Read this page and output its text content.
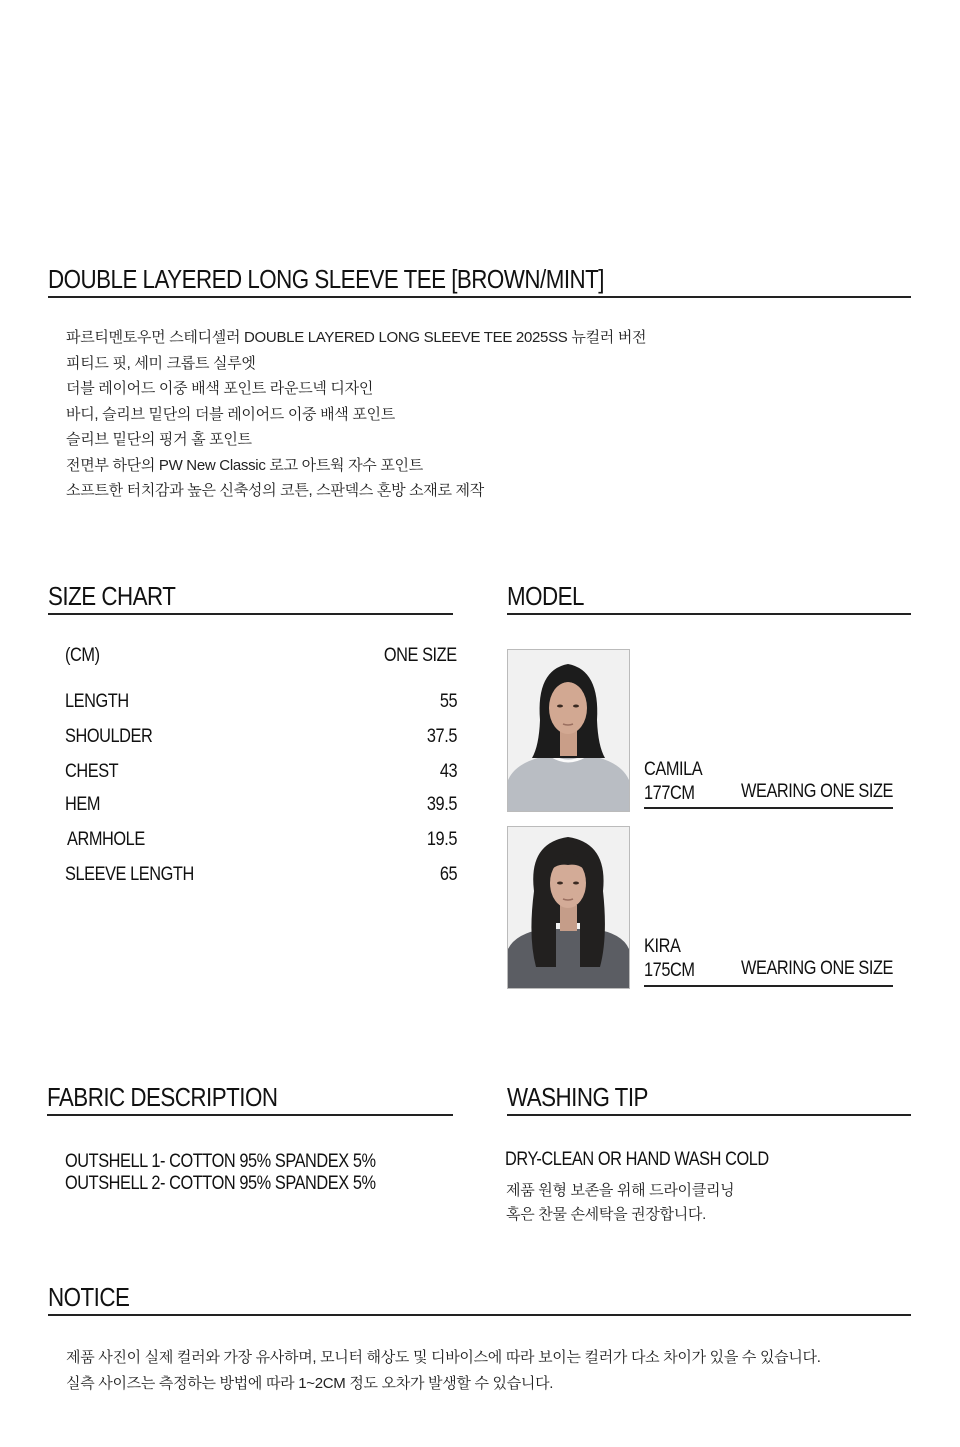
DOUBLE LAYERED LONG SLEEVE TEE [BROWN/MINT]
파르티멘토우먼 스테디셀러 DOUBLE LAYERED LONG SLEEVE TEE 2025SS 뉴컬러 버전
피티드 핏, 세미 크롭트 실루엣
더블 레이어드 이중 배색 포인트 라운드넥 디자인
바디, 슬리브 밑단의 더블 레이어드 이중 배색 포인트
슬리브 밑단의 핑거 홀 포인트
전면부 하단의 PW New Classic 로고 아트웍 자수 포인트
소프트한 터치감과 높은 신축성의 코튼, 스판덱스 혼방 소재로 제작
SIZE CHART
(CM)	ONE SIZE
LENGTH	55
SHOULDER	37.5
CHEST	43
HEM	39.5
ARMHOLE	19.5
SLEEVE LENGTH	65
MODEL
CAMILA
177CM WEARING ONE SIZE
KIRA
175CM WEARING ONE SIZE
FABRIC DESCRIPTION
OUTSHELL 1- COTTON 95% SPANDEX 5%
OUTSHELL 2- COTTON 95% SPANDEX 5%
WASHING TIP
DRY-CLEAN OR HAND WASH COLD
제품 원형 보존을 위해 드라이클리닝
혹은 찬물 손세탁을 권장합니다.
NOTICE
제품 사진이 실제 컬러와 가장 유사하며, 모니터 해상도 및 디바이스에 따라 보이는 컬러가 다소 차이가 있을 수 있습니다.
실측 사이즈는 측정하는 방법에 따라 1~2CM 정도 오차가 발생할 수 있습니다.
